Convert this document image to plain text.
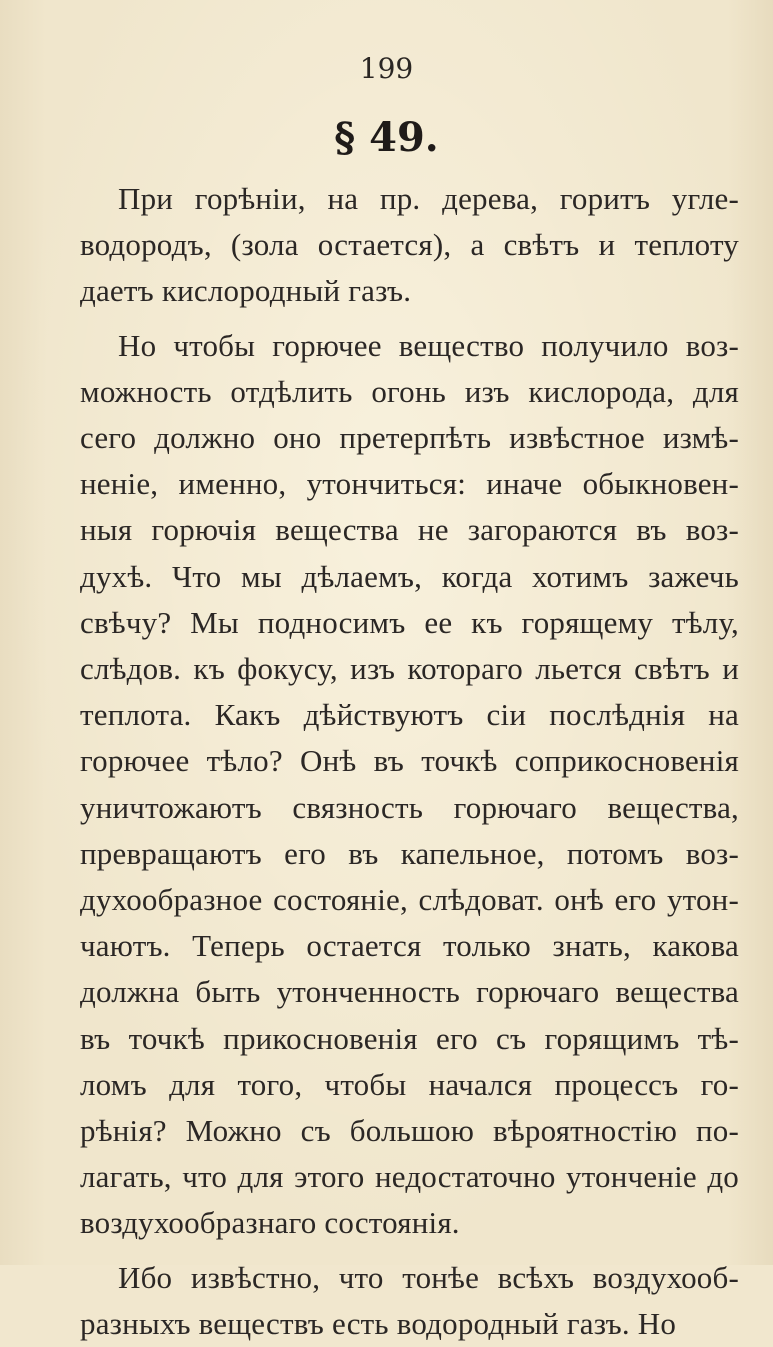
199
§ 49.

При горѣніи, на пр. дерева, горитъ угле-водородъ, (зола остается), а свѣтъ и теплоту даетъ кислородный газъ.

Но чтобы горючее вещество получило воз-можность отдѣлить огонь изъ кислорода, для сего должно оно претерпѣть извѣстное измѣ-неніе, именно, утончиться: иначе обыкновен-ныя горючія вещества не загораются въ воз-духѣ. Что мы дѣлаемъ, когда хотимъ зажечь свѣчу? Мы подносимъ ее къ горящему тѣлу, слѣдов. къ фокусу, изъ котораго льется свѣтъ и теплота. Какъ дѣйствуютъ сіи послѣднія на горючее тѣло? Онѣ въ точкѣ соприкосновенія уничтожаютъ связность горючаго вещества, превращаютъ его въ капельное, потомъ воз-духообразное состояніе, слѣдоват. онѣ его утон-чаютъ. Теперь остается только знать, какова должна быть утонченность горючаго вещества въ точкѣ прикосновенія его съ горящимъ тѣ-ломъ для того, чтобы начался процессъ го-рѣнія? Можно съ большою вѣроятностію по-лагать, что для этого недостаточно утонченіе до воздухообразнаго состоянія.

Ибо извѣстно, что тонѣе всѣхъ воздухооб-разныхъ веществъ есть водородный газъ. Но
